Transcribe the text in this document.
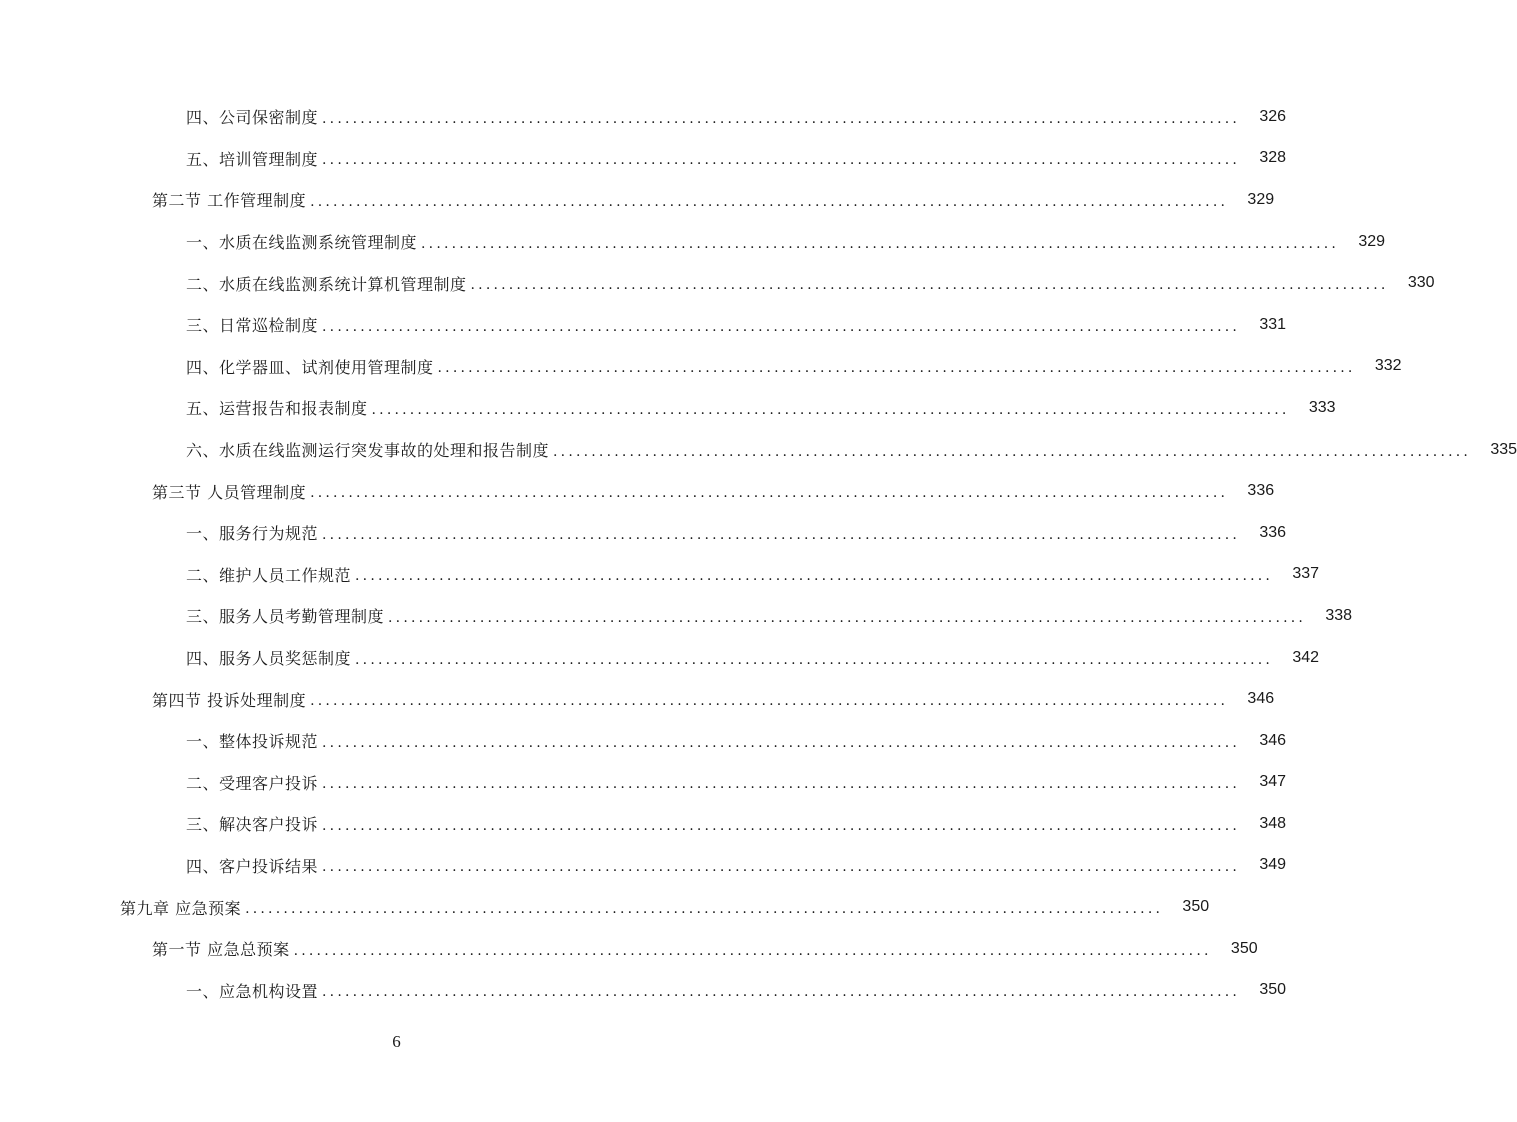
四、公司保密制度 ........................................................................................................................	326
五、培训管理制度 ........................................................................................................................	328
第二节 工作管理制度 ........................................................................................................................	329
一、水质在线监测系统管理制度 ........................................................................................................................	329
二、水质在线监测系统计算机管理制度 ........................................................................................................................	330
三、日常巡检制度 ........................................................................................................................	331
四、化学器皿、试剂使用管理制度 ........................................................................................................................	332
五、运营报告和报表制度 ........................................................................................................................	333
六、水质在线监测运行突发事故的处理和报告制度 ........................................................................................................................	335
第三节 人员管理制度 ........................................................................................................................	336
一、服务行为规范 ........................................................................................................................	336
二、维护人员工作规范 ........................................................................................................................	337
三、服务人员考勤管理制度 ........................................................................................................................	338
四、服务人员奖惩制度 ........................................................................................................................	342
第四节 投诉处理制度 ........................................................................................................................	346
一、整体投诉规范 ........................................................................................................................	346
二、受理客户投诉 ........................................................................................................................	347
三、解决客户投诉 ........................................................................................................................	348
四、客户投诉结果 ........................................................................................................................	349
第九章 应急预案 ........................................................................................................................	350
第一节 应急总预案 ........................................................................................................................	350
一、应急机构设置 ........................................................................................................................	350
6
